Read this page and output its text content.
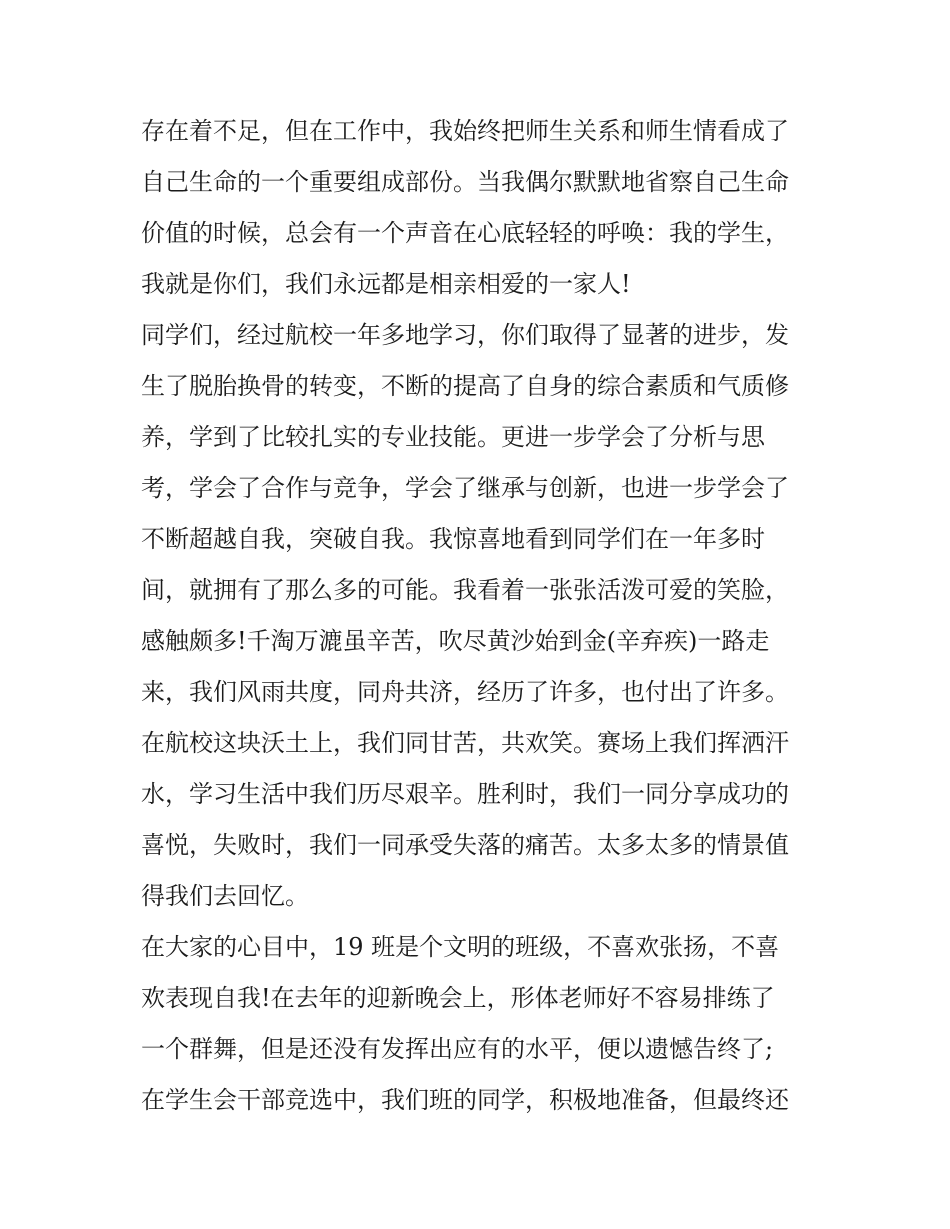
存在着不足，但在工作中，我始终把师生关系和师生情看成了
自己生命的一个重要组成部份。当我偶尔默默地省察自己生命
价值的时候，总会有一个声音在心底轻轻的呼唤：我的学生，
我就是你们，我们永远都是相亲相爱的一家人!
同学们，经过航校一年多地学习，你们取得了显著的进步，发
生了脱胎换骨的转变，不断的提高了自身的综合素质和气质修
养，学到了比较扎实的专业技能。更进一步学会了分析与思
考，学会了合作与竞争，学会了继承与创新，也进一步学会了
不断超越自我，突破自我。我惊喜地看到同学们在一年多时
间，就拥有了那么多的可能。我看着一张张活泼可爱的笑脸，
感触颇多!千淘万漉虽辛苦，吹尽黄沙始到金(辛弃疾)一路走
来，我们风雨共度，同舟共济，经历了许多，也付出了许多。
在航校这块沃土上，我们同甘苦，共欢笑。赛场上我们挥洒汗
水，学习生活中我们历尽艰辛。胜利时，我们一同分享成功的
喜悦，失败时，我们一同承受失落的痛苦。太多太多的情景值
得我们去回忆。
在大家的心目中，19 班是个文明的班级，不喜欢张扬，不喜
欢表现自我!在去年的迎新晚会上，形体老师好不容易排练了
一个群舞，但是还没有发挥出应有的水平，便以遗憾告终了;
在学生会干部竞选中，我们班的同学，积极地准备，但最终还
